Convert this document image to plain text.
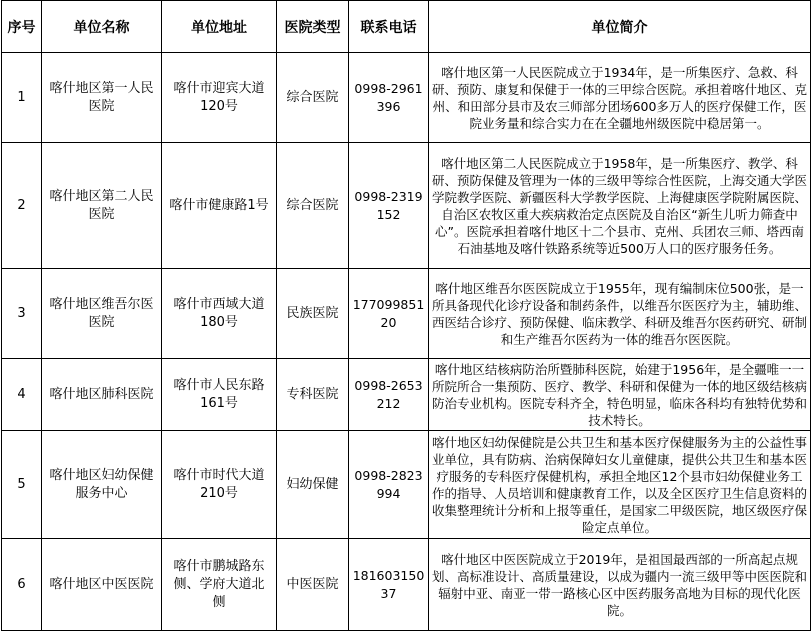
序号	单位名称	单位地址	医院类型	联系电话	单位简介
1	喀什地区第一人民医院	喀什市迎宾大道120号	综合医院	0998-2961396	喀什地区第一人民医院成立于1934年，是一所集医疗、急救、科研、预防、康复和保健于一体的三甲综合医院。承担着喀什地区、克州、和田部分县市及农三师部分团场600多万人的医疗保健工作，医院业务量和综合实力在在全疆地州级医院中稳居第一。
2	喀什地区第二人民医院	喀什市健康路1号	综合医院	0998-2319152	喀什地区第二人民医院成立于1958年，是一所集医疗、教学、科研、预防保健及管理为一体的三级甲等综合性医院，上海交通大学医学院教学医院、新疆医科大学教学医院、上海健康医学院附属医院、自治区农牧区重大疾病救治定点医院及自治区“新生儿听力筛查中心”。医院承担着喀什地区十二个县市、克州、兵团农三师、塔西南石油基地及喀什铁路系统等近500万人口的医疗服务任务。
3	喀什地区维吾尔医医院	喀什市西域大道180号	民族医院	17709985120	喀什地区维吾尔医医院成立于1955年，现有编制床位500张，是一所具备现代化诊疗设备和制药条件，以维吾尔医医疗为主，辅助维、西医结合诊疗、预防保健、临床教学、科研及维吾尔医药研究、研制和生产维吾尔医药为一体的维吾尔医医院。
4	喀什地区肺科医院	喀什市人民东路161号	专科医院	0998-2653212	喀什地区结核病防治所暨肺科医院，始建于1956年，是全疆唯一一所院所合一集预防、医疗、教学、科研和保健为一体的地区级结核病防治专业机构。医院专科齐全，特色明显，临床各科均有独特优势和技术特长。
5	喀什地区妇幼保健服务中心	喀什市时代大道210号	妇幼保健	0998-2823994	喀什地区妇幼保健院是公共卫生和基本医疗保健服务为主的公益性事业单位，具有防病、治病保障妇女儿童健康，提供公共卫生和基本医疗服务的专科医疗保健机构，承担全地区12个县市妇幼保健业务工作的指导、人员培训和健康教育工作，以及全区医疗卫生信息资料的收集整理统计分析和上报等重任，是国家二甲级医院，地区级医疗保险定点单位。
6	喀什地区中医医院	喀什市鹏城路东侧、学府大道北侧	中医医院	18160315037	喀什地区中医医院成立于2019年，是祖国最西部的一所高起点规划、高标准设计、高质量建设，以成为疆内一流三级甲等中医医院和辐射中亚、南亚一带一路核心区中医药服务高地为目标的现代化医院。
